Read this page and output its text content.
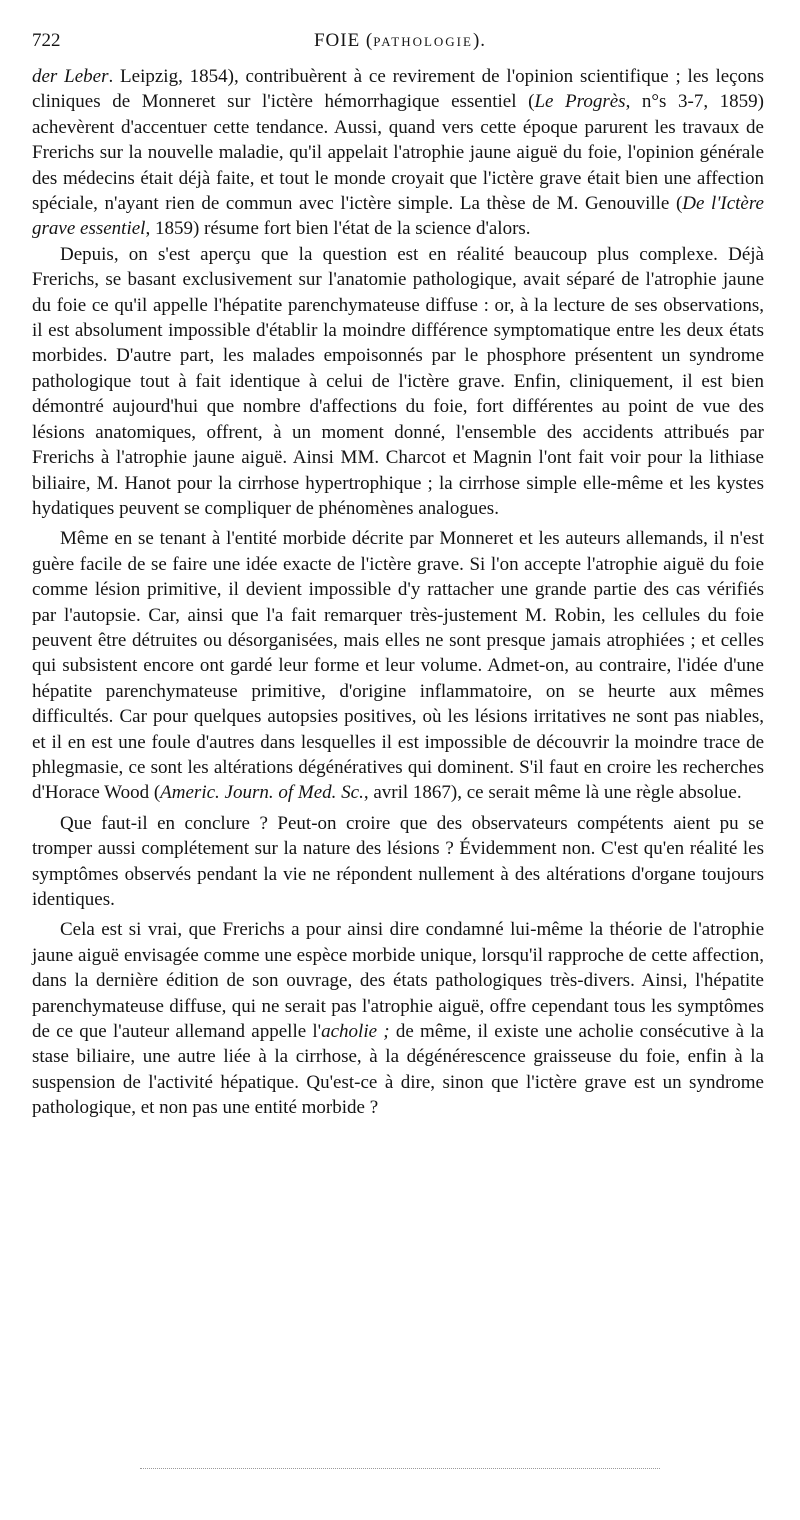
722	FOIE (PATHOLOGIE).

der Leber. Leipzig, 1854), contribuèrent à ce revirement de l'opinion scientifique ; les leçons cliniques de Monneret sur l'ictère hémorrhagique essentiel (Le Progrès, n°s 3-7, 1859) achevèrent d'accentuer cette tendance. Aussi, quand vers cette époque parurent les travaux de Frerichs sur la nouvelle maladie, qu'il appelait l'atrophie jaune aiguë du foie, l'opinion générale des médecins était déjà faite, et tout le monde croyait que l'ictère grave était bien une affection spéciale, n'ayant rien de commun avec l'ictère simple. La thèse de M. Genouville (De l'Ictère grave essentiel, 1859) résume fort bien l'état de la science d'alors.

Depuis, on s'est aperçu que la question est en réalité beaucoup plus complexe. Déjà Frerichs, se basant exclusivement sur l'anatomie pathologique, avait séparé de l'atrophie jaune du foie ce qu'il appelle l'hépatite parenchymateuse diffuse : or, à la lecture de ses observations, il est absolument impossible d'établir la moindre différence symptomatique entre les deux états morbides. D'autre part, les malades empoisonnés par le phosphore présentent un syndrome pathologique tout à fait identique à celui de l'ictère grave. Enfin, cliniquement, il est bien démontré aujourd'hui que nombre d'affections du foie, fort différentes au point de vue des lésions anatomiques, offrent, à un moment donné, l'ensemble des accidents attribués par Frerichs à l'atrophie jaune aiguë. Ainsi MM. Charcot et Magnin l'ont fait voir pour la lithiase biliaire, M. Hanot pour la cirrhose hypertrophique ; la cirrhose simple elle-même et les kystes hydatiques peuvent se compliquer de phénomènes analogues.

Même en se tenant à l'entité morbide décrite par Monneret et les auteurs allemands, il n'est guère facile de se faire une idée exacte de l'ictère grave. Si l'on accepte l'atrophie aiguë du foie comme lésion primitive, il devient impossible d'y rattacher une grande partie des cas vérifiés par l'autopsie. Car, ainsi que l'a fait remarquer très-justement M. Robin, les cellules du foie peuvent être détruites ou désorganisées, mais elles ne sont presque jamais atrophiées ; et celles qui subsistent encore ont gardé leur forme et leur volume. Admet-on, au contraire, l'idée d'une hépatite parenchymateuse primitive, d'origine inflammatoire, on se heurte aux mêmes difficultés. Car pour quelques autopsies positives, où les lésions irritatives ne sont pas niables, et il en est une foule d'autres dans lesquelles il est impossible de découvrir la moindre trace de phlegmasie, ce sont les altérations dégénératives qui dominent. S'il faut en croire les recherches d'Horace Wood (Americ. Journ. of Med. Sc., avril 1867), ce serait même là une règle absolue.

Que faut-il en conclure ? Peut-on croire que des observateurs compétents aient pu se tromper aussi complétement sur la nature des lésions ? Évidemment non. C'est qu'en réalité les symptômes observés pendant la vie ne répondent nullement à des altérations d'organe toujours identiques.

Cela est si vrai, que Frerichs a pour ainsi dire condamné lui-même la théorie de l'atrophie jaune aiguë envisagée comme une espèce morbide unique, lorsqu'il rapproche de cette affection, dans la dernière édition de son ouvrage, des états pathologiques très-divers. Ainsi, l'hépatite parenchymateuse diffuse, qui ne serait pas l'atrophie aiguë, offre cependant tous les symptômes de ce que l'auteur allemand appelle l'acholie ; de même, il existe une acholie consécutive à la stase biliaire, une autre liée à la cirrhose, à la dégénérescence graisseuse du foie, enfin à la suspension de l'activité hépatique. Qu'est-ce à dire, sinon que l'ictère grave est un syndrome pathologique, et non pas une entité morbide ?
